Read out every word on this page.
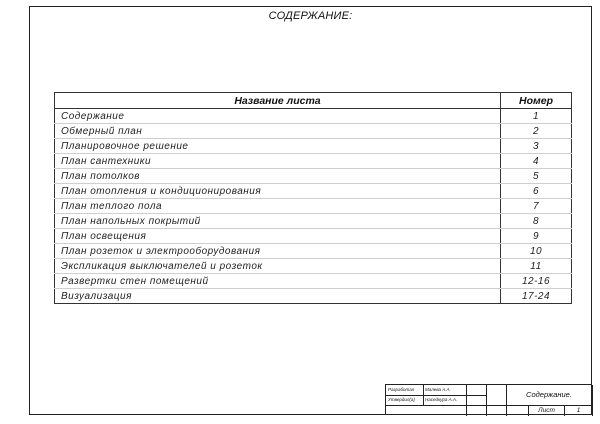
СОДЕРЖАНИЕ:
Название листа	Номер
Содержание	1
Обмерный план	2
Планировочное решение	3
План сантехники	4
План потолков	5
План отопления и кондиционирования	6
План теплого пола	7
План напольных покрытий	8
План освещения	9
План розеток и электрооборудования	10
Экспликация выключателей и розеток	11
Развертки стен помещений	12-16
Визуализация	17-24
Разработал	Малева А.А.
Утвердил(а)	Наседкура А.А.
Содержание.
Лист	1
